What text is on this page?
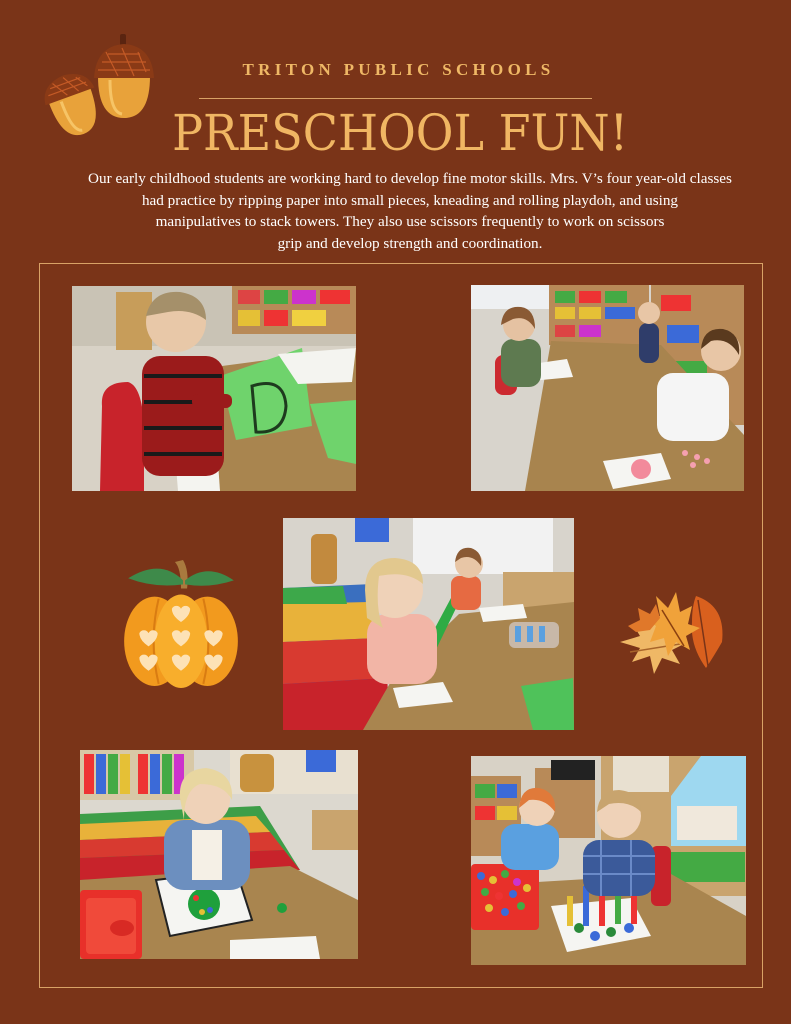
TRITON PUBLIC SCHOOLS
PRESCHOOL FUN!
Our early childhood students are working hard to develop fine motor skills. Mrs. V’s four year-old classes
had practice by ripping paper into small pieces, kneading and rolling playdoh, and using
manipulatives to stack towers. They also use scissors frequently to work on scissors
grip and develop strength and coordination.
